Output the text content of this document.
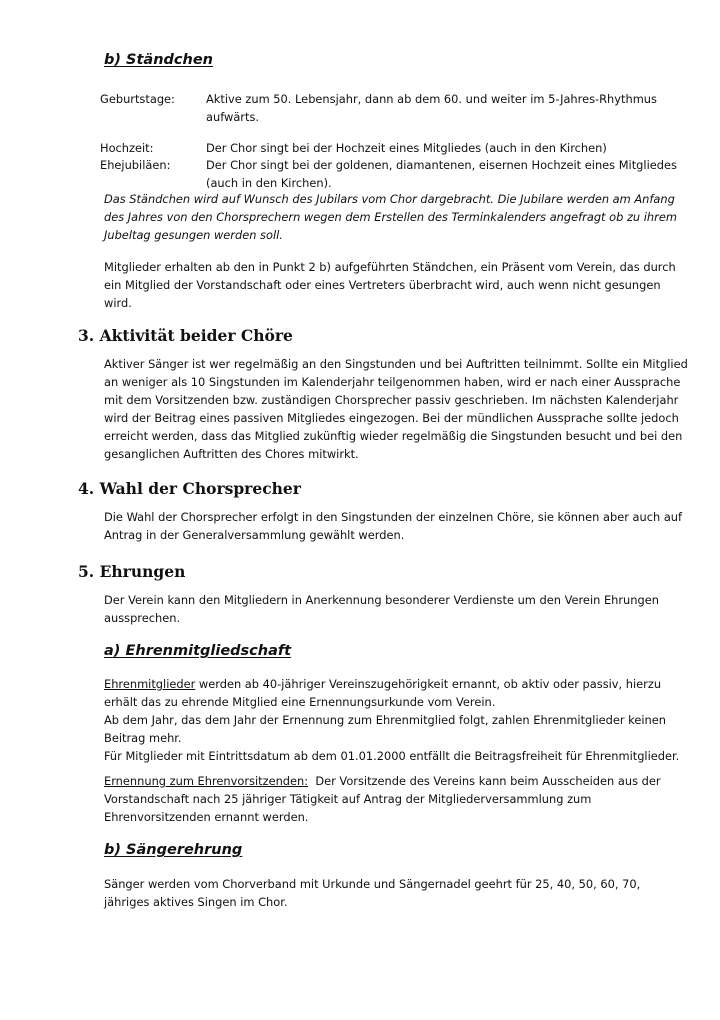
b) Ständchen

Geburtstage:	Aktive zum 50. Lebensjahr, dann ab dem 60. und weiter im 5-Jahres-Rhythmus aufwärts.

Hochzeit:	Der Chor singt bei der Hochzeit eines Mitgliedes (auch in den Kirchen)

Ehejubiläen:	Der Chor singt bei der goldenen, diamantenen, eisernen Hochzeit eines Mitgliedes (auch in den Kirchen).

Das Ständchen wird auf Wunsch des Jubilars vom Chor dargebracht. Die Jubilare werden am Anfang des Jahres von den Chorsprechern wegen dem Erstellen des Terminkalenders angefragt ob zu ihrem Jubeltag gesungen werden soll.

Mitglieder erhalten ab den in Punkt 2 b) aufgeführten Ständchen, ein Präsent vom Verein, das durch ein Mitglied der Vorstandschaft oder eines Vertreters überbracht wird, auch wenn nicht gesungen wird.

3. Aktivität beider Chöre

Aktiver Sänger ist wer regelmäßig an den Singstunden und bei Auftritten teilnimmt. Sollte ein Mitglied an weniger als 10 Singstunden im Kalenderjahr teilgenommen haben, wird er nach einer Aussprache mit dem Vorsitzenden bzw. zuständigen Chorsprecher passiv geschrieben. Im nächsten Kalenderjahr wird der Beitrag eines passiven Mitgliedes eingezogen. Bei der mündlichen Aussprache sollte jedoch erreicht werden, dass das Mitglied zukünftig wieder regelmäßig die Singstunden besucht und bei den gesanglichen Auftritten des Chores mitwirkt.

4. Wahl der Chorsprecher

Die Wahl der Chorsprecher erfolgt in den Singstunden der einzelnen Chöre, sie können aber auch auf Antrag in der Generalversammlung gewählt werden.

5. Ehrungen

Der Verein kann den Mitgliedern in Anerkennung besonderer Verdienste um den Verein Ehrungen aussprechen.

a) Ehrenmitgliedschaft

Ehrenmitglieder werden ab 40-jähriger Vereinszugehörigkeit ernannt, ob aktiv oder passiv, hierzu erhält das zu ehrende Mitglied eine Ernennungsurkunde vom Verein.
Ab dem Jahr, das dem Jahr der Ernennung zum Ehrenmitglied folgt, zahlen Ehrenmitglieder keinen Beitrag mehr.
Für Mitglieder mit Eintrittsdatum ab dem 01.01.2000 entfällt die Beitragsfreiheit für Ehrenmitglieder.

Ernennung zum Ehrenvorsitzenden:  Der Vorsitzende des Vereins kann beim Ausscheiden aus der Vorstandschaft nach 25 jähriger Tätigkeit auf Antrag der Mitgliederversammlung zum Ehrenvorsitzenden ernannt werden.

b) Sängerehrung

Sänger werden vom Chorverband mit Urkunde und Sängernadel geehrt für 25, 40, 50, 60, 70, jähriges aktives Singen im Chor.
